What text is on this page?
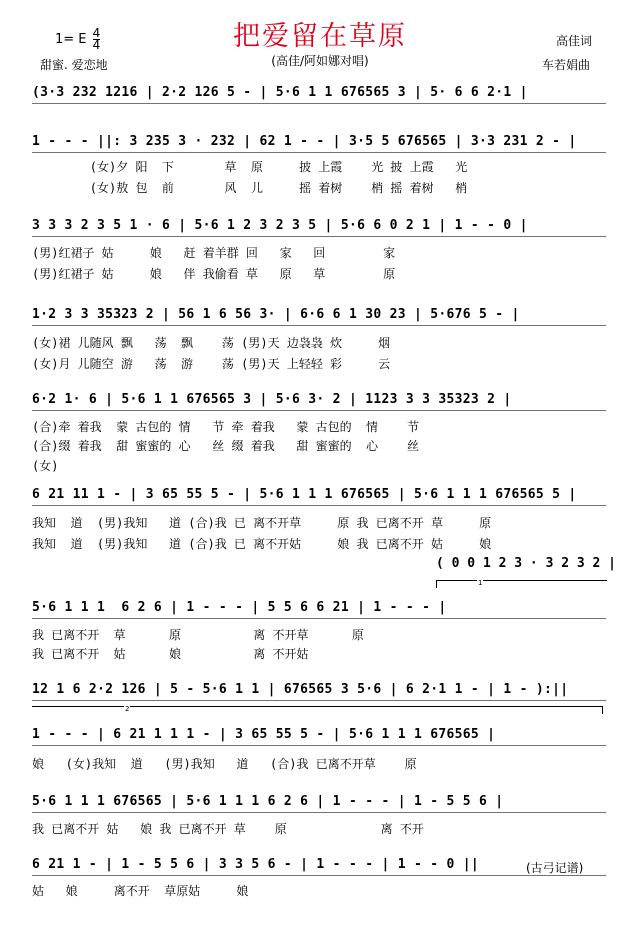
把爱留在草原
(高佳/阿如娜对唱)
1= E $\frac{4}{4}$
甜蜜. 爱恋地
高佳词
车若娟曲
(3·3 232 1216 | 2·2 126 5 - | 5·6 1 1 676565 3 | 5· 6 6 2·1 |
1 - - - ||: 3 235 3 · 232 | 62 1 - - | 3·5 5 676565 | 3·3 231 2 - |
(女)夕 阳  下       草  原     披 上霞    光 披 上霞   光
(女)敖 包  前       风  儿     摇 着树    梢 摇 着树   梢
3 3 3 2 3 5 1 · 6 | 5·6 1 2 3 2 3 5 | 5·6 6 0 2 1 | 1 - - 0 |
(男)红裙子 姑     娘   赶 着羊群 回   家   回        家
(男)红裙子 姑     娘   伴 我偷看 草   原   草        原
1·2 3 3 35323 2 | 56 1 6 56 3· | 6·6 6 1 30 23 | 5·676 5 - |
(女)裙 儿随风 飘   荡  飘    荡 (男)天 边袅袅 炊     烟
(女)月 儿随空 游   荡  游    荡 (男)天 上轻轻 彩     云
6·2 1· 6 | 5·6 1 1 676565 3 | 5·6 3· 2 | 1123 3 3 35323 2 |
(合)牵 着我  蒙 古包的 情   节 牵 着我   蒙 古包的  情    节
(合)缀 着我  甜 蜜蜜的 心   丝 缀 着我   甜 蜜蜜的  心    丝
(女)
6 21 11 1 - | 3 65 55 5 - | 5·6 1 1 1 676565 | 5·6 1 1 1 676565 5 |
我知  道  (男)我知   道 (合)我 已 离不开草     原 我 已离不开 草     原
我知  道  (男)我知   道 (合)我 已 离不开姑     娘 我 已离不开 姑     娘
( 0 0 1 2 3 · 3 2 3 2 |
1
5·6 1 1 1  6 2 6 | 1 - - - | 5 5 6 6 21 | 1 - - - |
我 已离不开  草      原          离 不开草      原
我 已离不开  姑      娘          离 不开姑
12 1 6 2·2 126 | 5 - 5·6 1 1 | 676565 3 5·6 | 6 2·1 1 - | 1 - ):||
2
1 - - - | 6 21 1 1 1 - | 3 65 55 5 - | 5·6 1 1 1 676565 |
娘   (女)我知  道   (男)我知   道   (合)我 已离不开草    原
5·6 1 1 1 676565 | 5·6 1 1 1 6 2 6 | 1 - - - | 1 - 5 5 6 |
我 已离不开 姑   娘 我 已离不开 草    原             离 不开
6 21 1 - | 1 - 5 5 6 | 3 3 5 6 - | 1 - - - | 1 - - 0 ||
姑   娘     离不开  草原姑     娘
(古弓记谱)
